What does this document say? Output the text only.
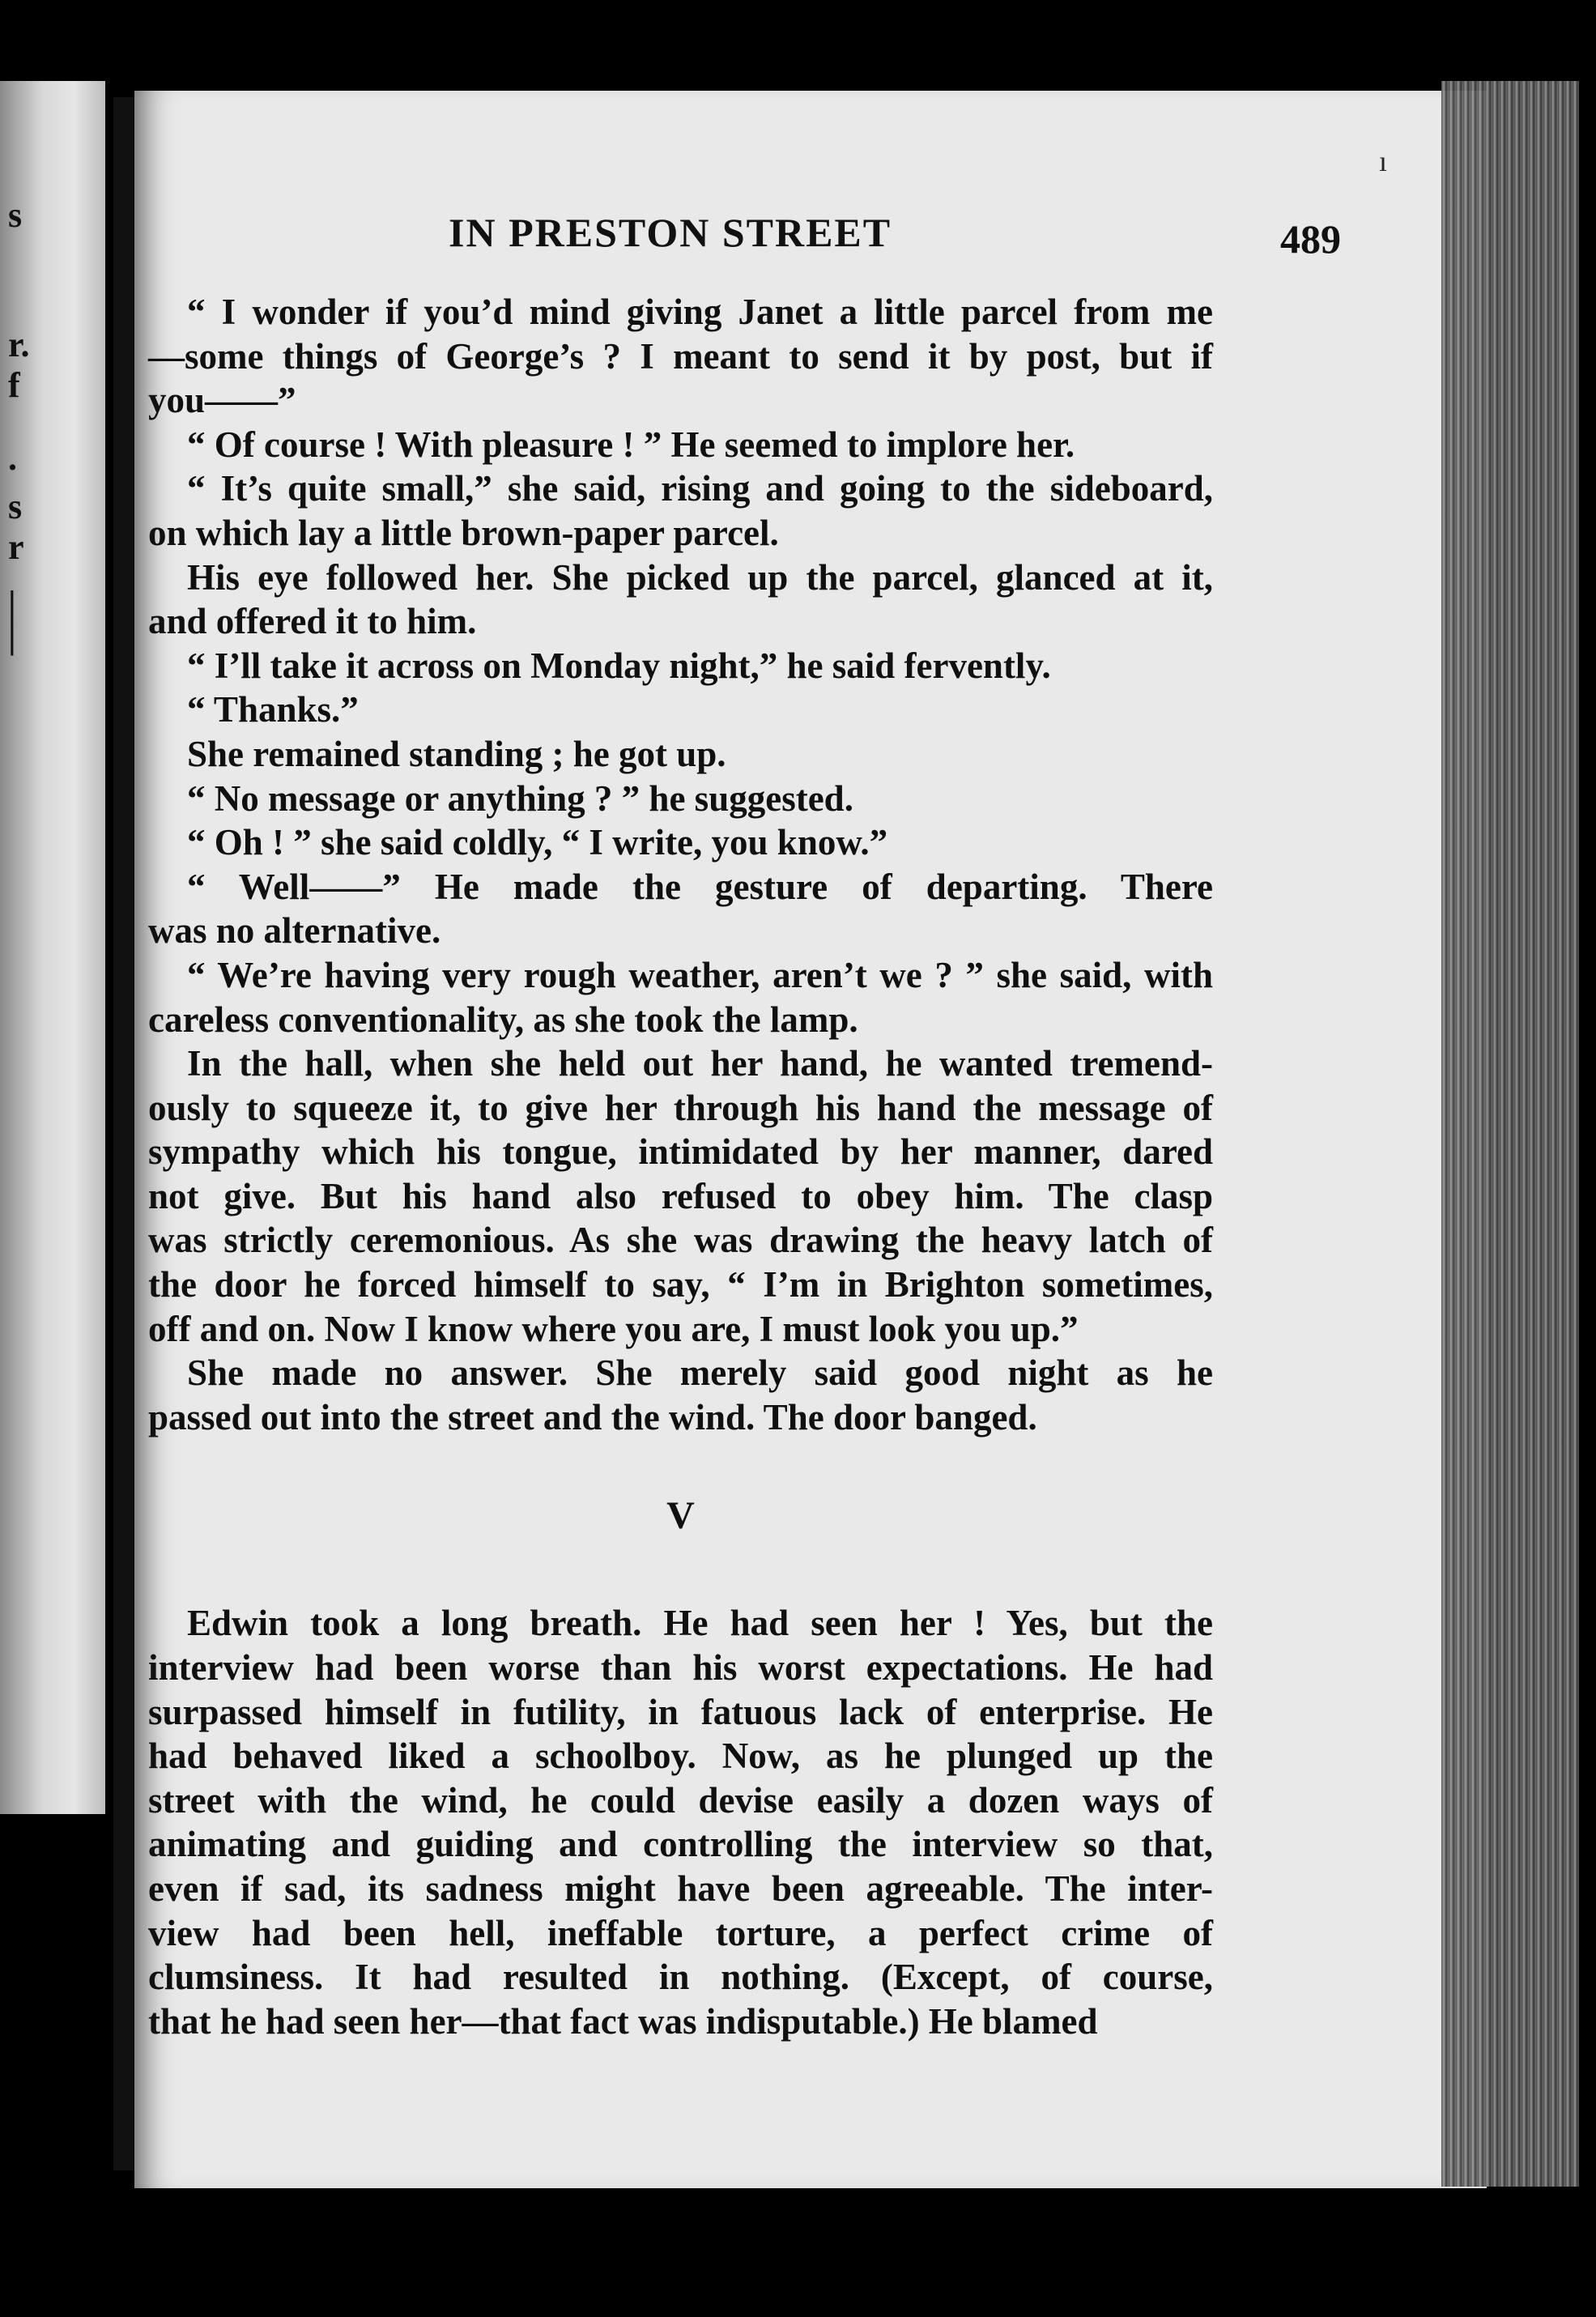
s
r.
f
.
s
r
|
|
ı
IN PRESTON STREET	489
“ I wonder if you’d mind giving Janet a little parcel from me
—some things of George’s ? I meant to send it by post, but if
you——”
“ Of course ! With pleasure ! ” He seemed to implore her.
“ It’s quite small,” she said, rising and going to the sideboard,
on which lay a little brown-paper parcel.
His eye followed her. She picked up the parcel, glanced at it,
and offered it to him.
“ I’ll take it across on Monday night,” he said fervently.
“ Thanks.”
She remained standing ; he got up.
“ No message or anything ? ” he suggested.
“ Oh ! ” she said coldly, “ I write, you know.”
“ Well——” He made the gesture of departing. There
was no alternative.
“ We’re having very rough weather, aren’t we ? ” she said, with
careless conventionality, as she took the lamp.
In the hall, when she held out her hand, he wanted tremend-
ously to squeeze it, to give her through his hand the message of
sympathy which his tongue, intimidated by her manner, dared
not give. But his hand also refused to obey him. The clasp
was strictly ceremonious. As she was drawing the heavy latch of
the door he forced himself to say, “ I’m in Brighton sometimes,
off and on. Now I know where you are, I must look you up.”
She made no answer. She merely said good night as he
passed out into the street and the wind. The door banged.
V
Edwin took a long breath. He had seen her ! Yes, but the
interview had been worse than his worst expectations. He had
surpassed himself in futility, in fatuous lack of enterprise. He
had behaved liked a schoolboy. Now, as he plunged up the
street with the wind, he could devise easily a dozen ways of
animating and guiding and controlling the interview so that,
even if sad, its sadness might have been agreeable. The inter-
view had been hell, ineffable torture, a perfect crime of
clumsiness. It had resulted in nothing. (Except, of course,
that he had seen her—that fact was indisputable.) He blamed
